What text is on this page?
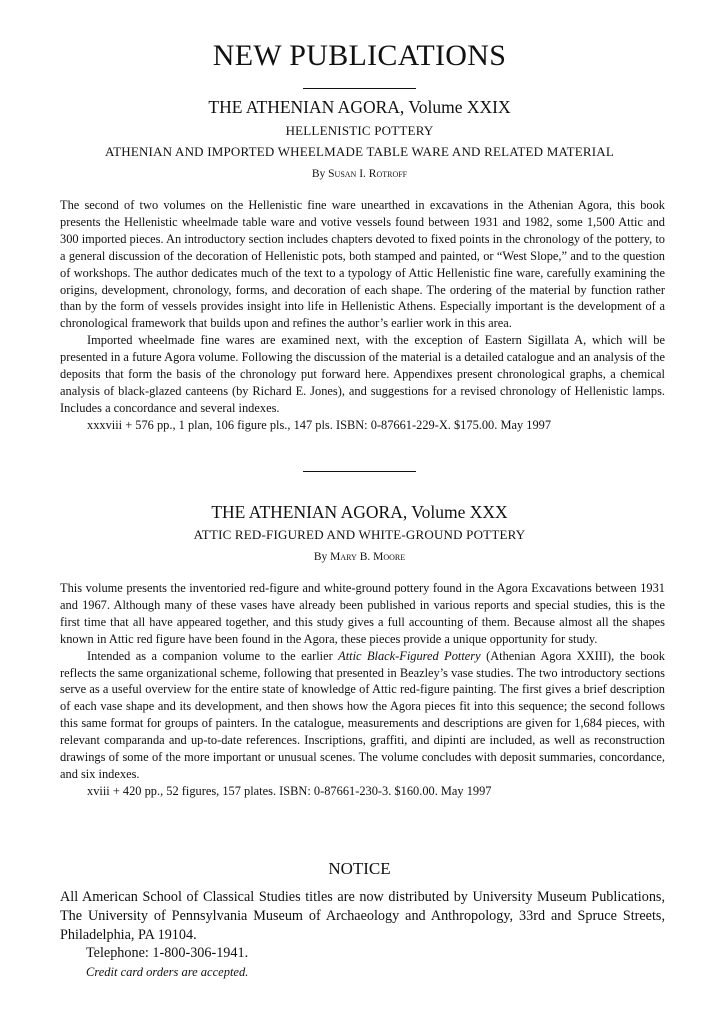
NEW PUBLICATIONS
THE ATHENIAN AGORA, Volume XXIX
HELLENISTIC POTTERY
ATHENIAN AND IMPORTED WHEELMADE TABLE WARE AND RELATED MATERIAL
By Susan I. Rotroff

The second of two volumes on the Hellenistic fine ware unearthed in excavations in the Athenian Agora, this book presents the Hellenistic wheelmade table ware and votive vessels found between 1931 and 1982, some 1,500 Attic and 300 imported pieces. An introductory section includes chapters devoted to fixed points in the chronology of the pottery, to a general discussion of the decoration of Hellenistic pots, both stamped and painted, or “West Slope,” and to the question of workshops. The author dedicates much of the text to a typology of Attic Hellenistic fine ware, carefully examining the origins, development, chronology, forms, and decoration of each shape. The ordering of the material by function rather than by the form of vessels provides insight into life in Hellenistic Athens. Especially important is the development of a chronological framework that builds upon and refines the author’s earlier work in this area.

Imported wheelmade fine wares are examined next, with the exception of Eastern Sigillata A, which will be presented in a future Agora volume. Following the discussion of the material is a detailed catalogue and an analysis of the deposits that form the basis of the chronology put forward here. Appendixes present chronological graphs, a chemical analysis of black-glazed canteens (by Richard E. Jones), and suggestions for a revised chronology of Hellenistic lamps. Includes a concordance and several indexes.

xxxviii + 576 pp., 1 plan, 106 figure pls., 147 pls. ISBN: 0-87661-229-X. $175.00. May 1997

THE ATHENIAN AGORA, Volume XXX
ATTIC RED-FIGURED AND WHITE-GROUND POTTERY
By Mary B. Moore

This volume presents the inventoried red-figure and white-ground pottery found in the Agora Excavations between 1931 and 1967. Although many of these vases have already been published in various reports and special studies, this is the first time that all have appeared together, and this study gives a full accounting of them. Because almost all the shapes known in Attic red figure have been found in the Agora, these pieces provide a unique opportunity for study.

Intended as a companion volume to the earlier Attic Black-Figured Pottery (Athenian Agora XXIII), the book reflects the same organizational scheme, following that presented in Beazley’s vase studies. The two introductory sections serve as a useful overview for the entire state of knowledge of Attic red-figure painting. The first gives a brief description of each vase shape and its development, and then shows how the Agora pieces fit into this sequence; the second follows this same format for groups of painters. In the catalogue, measurements and descriptions are given for 1,684 pieces, with relevant comparanda and up-to-date references. Inscriptions, graffiti, and dipinti are included, as well as reconstruction drawings of some of the more important or unusual scenes. The volume concludes with deposit summaries, concordance, and six indexes.

xviii + 420 pp., 52 figures, 157 plates. ISBN: 0-87661-230-3. $160.00. May 1997

NOTICE

All American School of Classical Studies titles are now distributed by University Museum Publications, The University of Pennsylvania Museum of Archaeology and Anthropology, 33rd and Spruce Streets, Philadelphia, PA 19104.

Telephone: 1-800-306-1941.

Credit card orders are accepted.
